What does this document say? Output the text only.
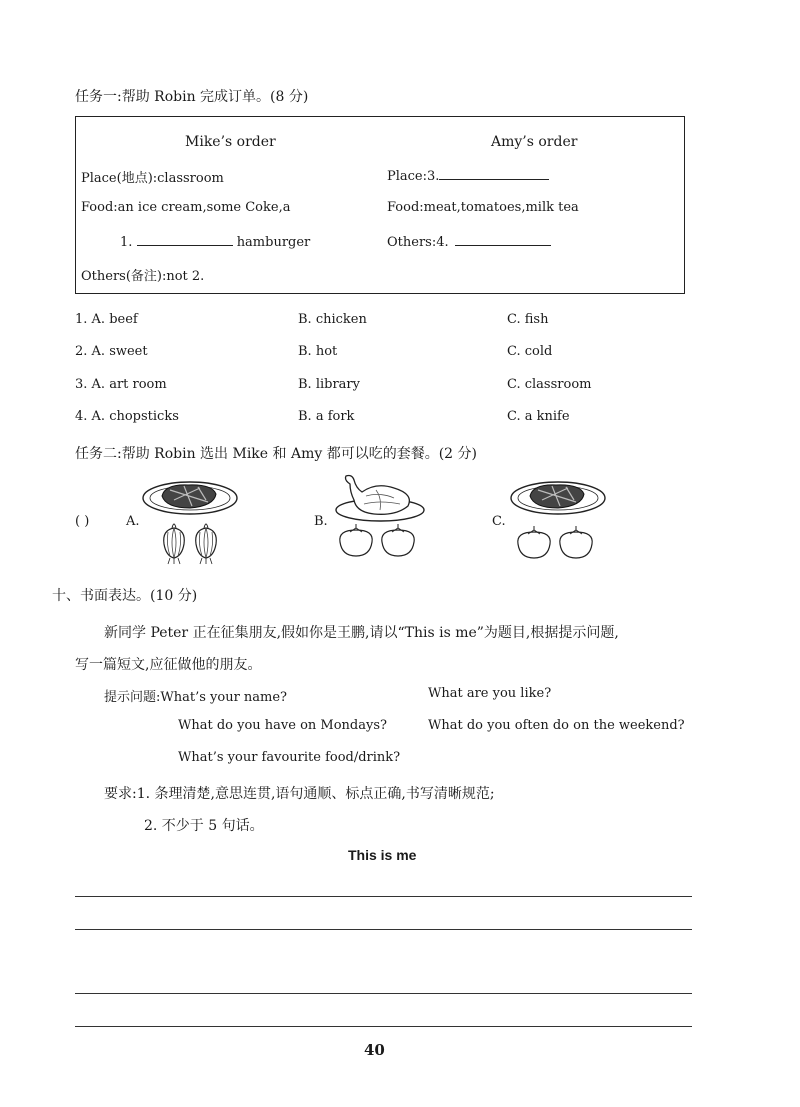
任务一:帮助 Robin 完成订单。(8 分)
Mike’s order	Amy’s order
Place(地点):classroom	Place:3.
Food:an ice cream,some Coke,a	Food:meat,tomatoes,milk tea
1.	hamburger	Others:4.
Others(备注):not 2.
1. A. beef	B. chicken	C. fish
2. A. sweet	B. hot	C. cold
3. A. art room	B. library	C. classroom
4. A. chopsticks	B. a fork	C. a knife
任务二:帮助 Robin 选出 Mike 和 Amy 都可以吃的套餐。(2 分)
( )	A.	B.	C.
十、书面表达。(10 分)
新同学 Peter 正在征集朋友,假如你是王鹏,请以“This is me”为题目,根据提示问题,
写一篇短文,应征做他的朋友。
提示问题:What’s your name?	What are you like?
What do you have on Mondays?	What do you often do on the weekend?
What’s your favourite food/drink?
要求:1. 条理清楚,意思连贯,语句通顺、标点正确,书写清晰规范;
2. 不少于 5 句话。
This is me
40
